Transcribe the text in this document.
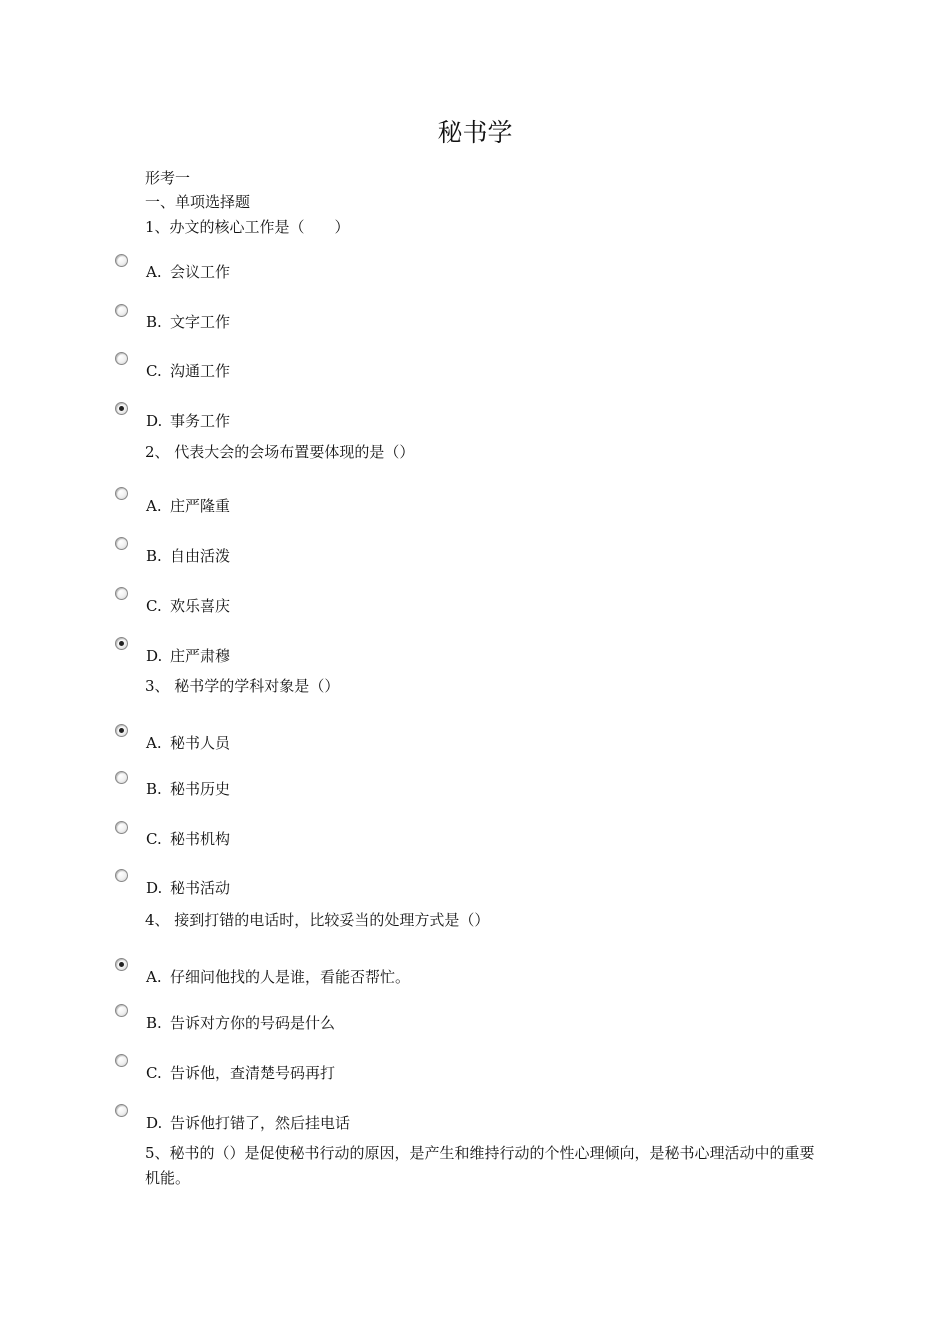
秘书学
形考一
一、单项选择题
1、办文的核心工作是（　　）
A. 会议工作
B. 文字工作
C. 沟通工作
D. 事务工作
2、 代表大会的会场布置要体现的是（）
A. 庄严隆重
B. 自由活泼
C. 欢乐喜庆
D. 庄严肃穆
3、 秘书学的学科对象是（）
A. 秘书人员
B. 秘书历史
C. 秘书机构
D. 秘书活动
4、 接到打错的电话时，比较妥当的处理方式是（）
A. 仔细问他找的人是谁，看能否帮忙。
B. 告诉对方你的号码是什么
C. 告诉他，查清楚号码再打
D. 告诉他打错了，然后挂电话
5、秘书的（）是促使秘书行动的原因，是产生和维持行动的个性心理倾向，是秘书心理活动中的重要机能。
